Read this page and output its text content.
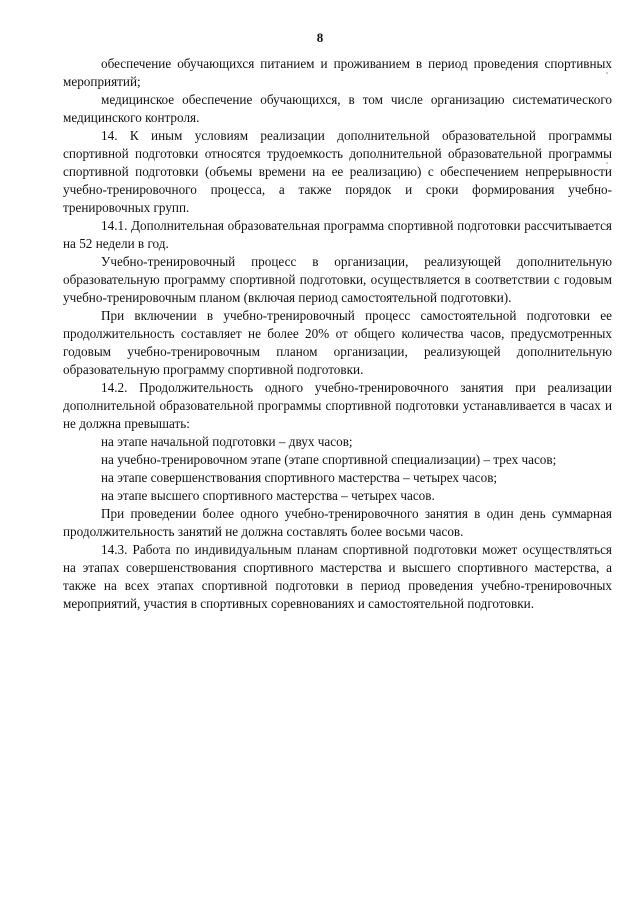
8

обеспечение обучающихся питанием и проживанием в период проведения спортивных мероприятий;

медицинское обеспечение обучающихся, в том числе организацию систематического медицинского контроля.

14. К иным условиям реализации дополнительной образовательной программы спортивной подготовки относятся трудоемкость дополнительной образовательной программы спортивной подготовки (объемы времени на ее реализацию) с обеспечением непрерывности учебно-тренировочного процесса, а также порядок и сроки формирования учебно-тренировочных групп.

14.1. Дополнительная образовательная программа спортивной подготовки рассчитывается на 52 недели в год.

Учебно-тренировочный процесс в организации, реализующей дополнительную образовательную программу спортивной подготовки, осуществляется в соответствии с годовым учебно-тренировочным планом (включая период самостоятельной подготовки).

При включении в учебно-тренировочный процесс самостоятельной подготовки ее продолжительность составляет не более 20% от общего количества часов, предусмотренных годовым учебно-тренировочным планом организации, реализующей дополнительную образовательную программу спортивной подготовки.

14.2. Продолжительность одного учебно-тренировочного занятия при реализации дополнительной образовательной программы спортивной подготовки устанавливается в часах и не должна превышать:

на этапе начальной подготовки – двух часов;

на учебно-тренировочном этапе (этапе спортивной специализации) – трех часов;

на этапе совершенствования спортивного мастерства – четырех часов;

на этапе высшего спортивного мастерства – четырех часов.

При проведении более одного учебно-тренировочного занятия в один день суммарная продолжительность занятий не должна составлять более восьми часов.

14.3. Работа по индивидуальным планам спортивной подготовки может осуществляться на этапах совершенствования спортивного мастерства и высшего спортивного мастерства, а также на всех этапах спортивной подготовки в период проведения учебно-тренировочных мероприятий, участия в спортивных соревнованиях и самостоятельной подготовки.
